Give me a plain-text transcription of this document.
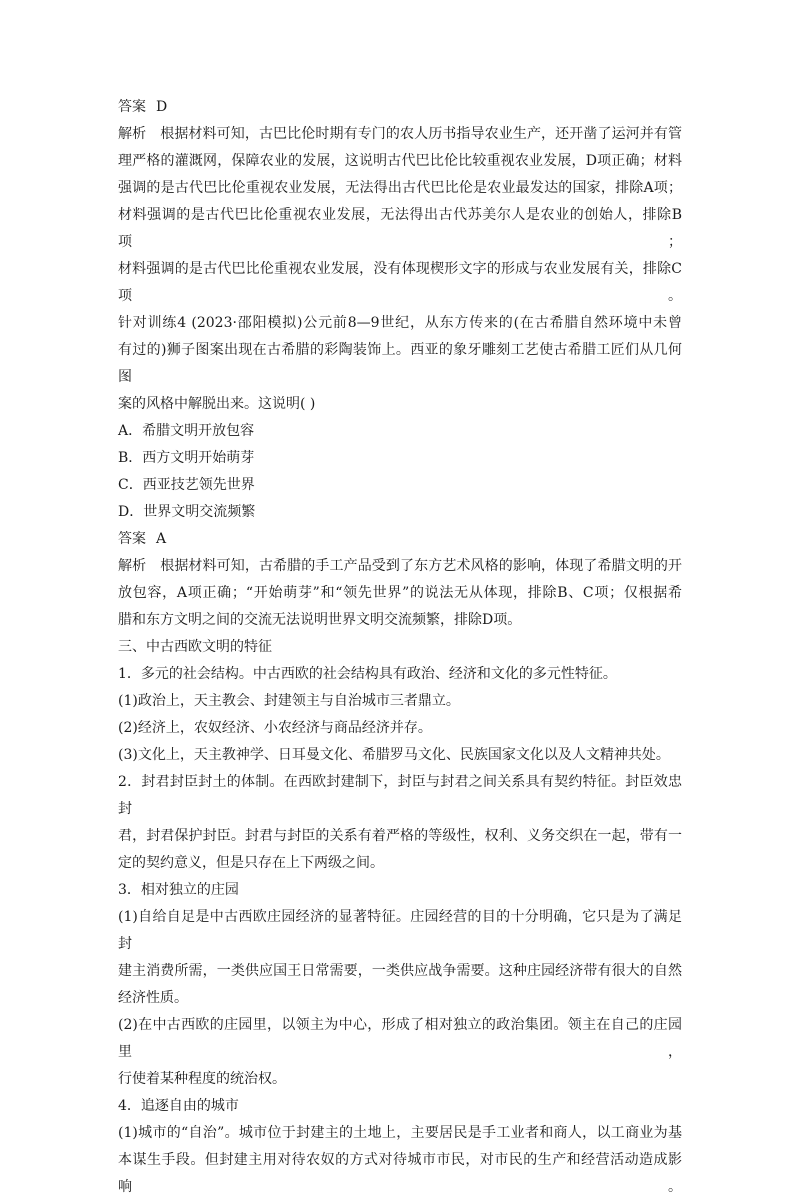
答案 D
解析 根据材料可知，古巴比伦时期有专门的农人历书指导农业生产，还开凿了运河并有管
理严格的灌溉网，保障农业的发展，这说明古代巴比伦比较重视农业发展，D项正确；材料
强调的是古代巴比伦重视农业发展，无法得出古代巴比伦是农业最发达的国家，排除A项；
材料强调的是古代巴比伦重视农业发展，无法得出古代苏美尔人是农业的创始人，排除B项；
材料强调的是古代巴比伦重视农业发展，没有体现楔形文字的形成与农业发展有关，排除C项。
针对训练4 (2023·邵阳模拟)公元前8—9世纪，从东方传来的(在古希腊自然环境中未曾
有过的)狮子图案出现在古希腊的彩陶装饰上。西亚的象牙雕刻工艺使古希腊工匠们从几何图
案的风格中解脱出来。这说明( )
A．希腊文明开放包容
B．西方文明开始萌芽
C．西亚技艺领先世界
D．世界文明交流频繁
答案 A
解析 根据材料可知，古希腊的手工产品受到了东方艺术风格的影响，体现了希腊文明的开
放包容，A项正确；“开始萌芽”和“领先世界”的说法无从体现，排除B、C项；仅根据希
腊和东方文明之间的交流无法说明世界文明交流频繁，排除D项。
三、中古西欧文明的特征
1．多元的社会结构。中古西欧的社会结构具有政治、经济和文化的多元性特征。
(1)政治上，天主教会、封建领主与自治城市三者鼎立。
(2)经济上，农奴经济、小农经济与商品经济并存。
(3)文化上，天主教神学、日耳曼文化、希腊罗马文化、民族国家文化以及人文精神共处。
2．封君封臣封土的体制。在西欧封建制下，封臣与封君之间关系具有契约特征。封臣效忠封
君，封君保护封臣。封君与封臣的关系有着严格的等级性，权利、义务交织在一起，带有一
定的契约意义，但是只存在上下两级之间。
3．相对独立的庄园
(1)自给自足是中古西欧庄园经济的显著特征。庄园经营的目的十分明确，它只是为了满足封
建主消费所需，一类供应国王日常需要，一类供应战争需要。这种庄园经济带有很大的自然
经济性质。
(2)在中古西欧的庄园里，以领主为中心，形成了相对独立的政治集团。领主在自己的庄园里，
行使着某种程度的统治权。
4．追逐自由的城市
(1)城市的“自治”。城市位于封建主的土地上，主要居民是手工业者和商人，以工商业为基
本谋生手段。但封建主用对待农奴的方式对待城市市民，对市民的生产和经营活动造成影响。
